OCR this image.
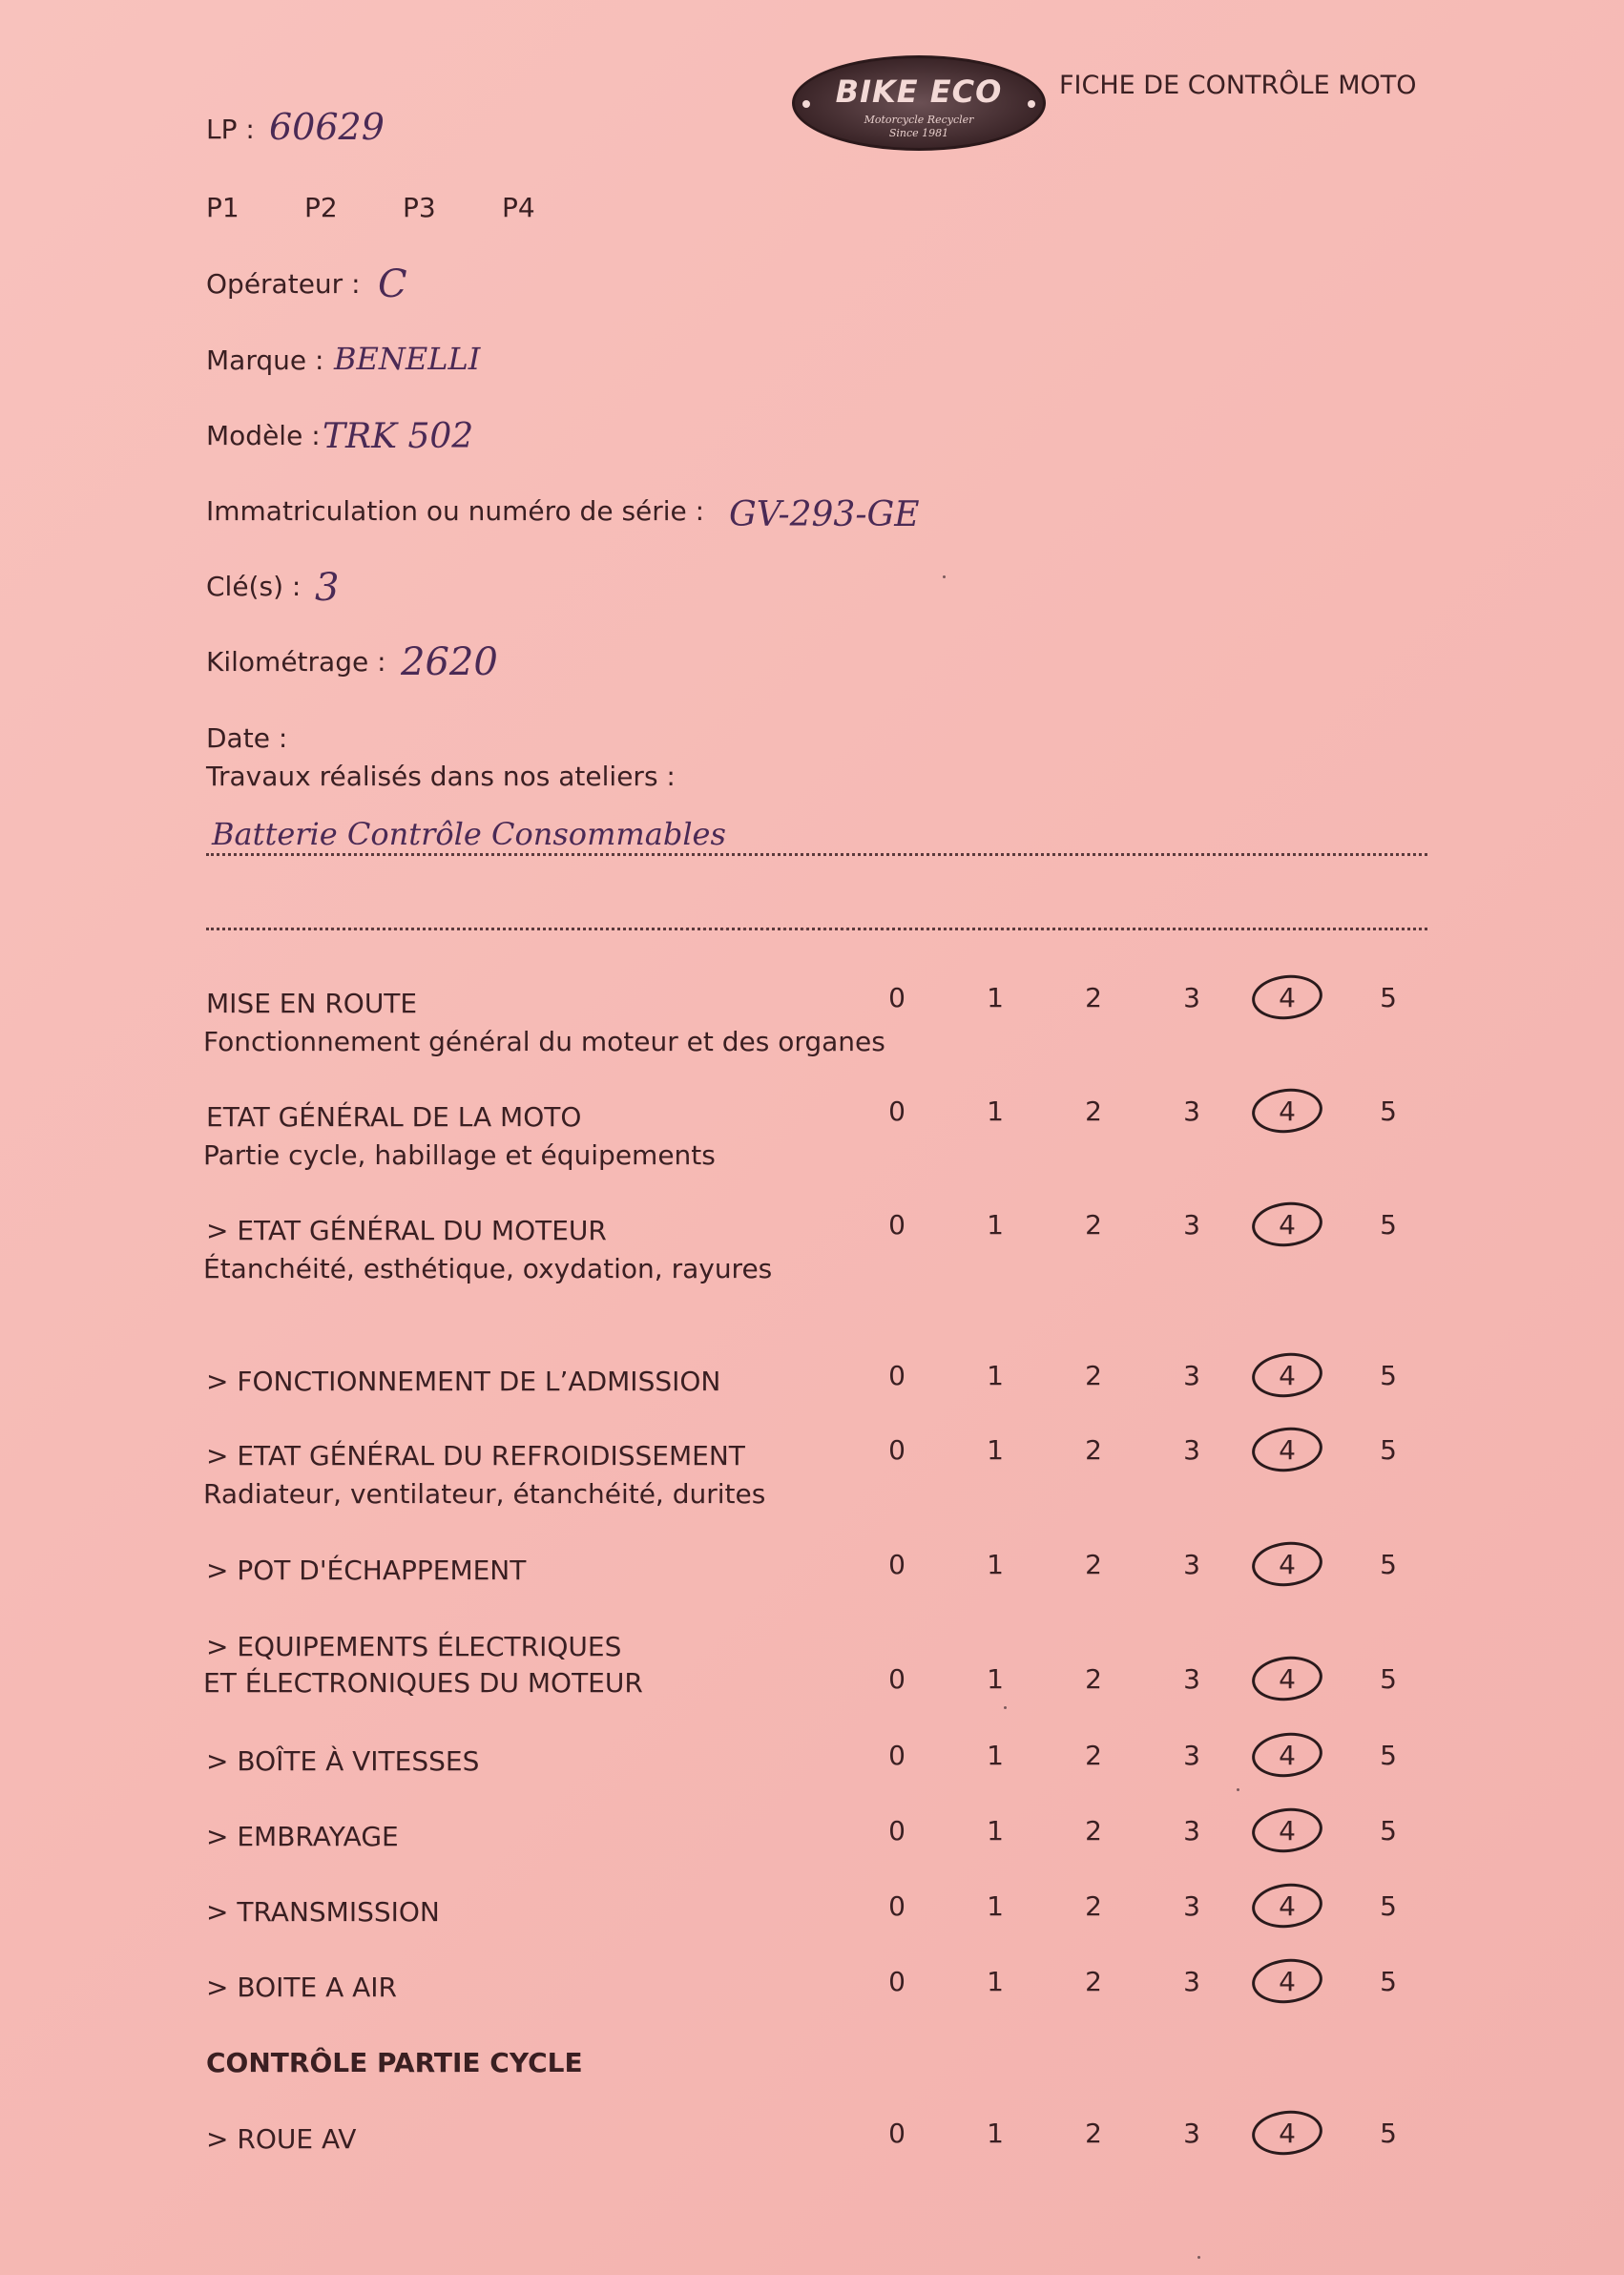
BIKE ECO
Motorcycle Recycler
Since 1981
FICHE DE CONTRÔLE MOTO
LP : 60629
P1 P2 P3 P4
Opérateur : C
Marque : BENELLI
Modèle : TRK 502
Immatriculation ou numéro de série : GV-293-GE
Clé(s) : 3
Kilométrage : 2620
Date :
Travaux réalisés dans nos ateliers :
Batterie Contrôle Consommables
MISE EN ROUTE
Fonctionnement général du moteur et des organes
0	1	2	3	4	5
ETAT GÉNÉRAL DE LA MOTO
Partie cycle, habillage et équipements
0	1	2	3	4	5
> ETAT GÉNÉRAL DU MOTEUR
Étanchéité, esthétique, oxydation, rayures
0	1	2	3	4	5
> FONCTIONNEMENT DE L’ADMISSION	0	1	2	3	4	5
> ETAT GÉNÉRAL DU REFROIDISSEMENT
Radiateur, ventilateur, étanchéité, durites
0	1	2	3	4	5
> POT D'ÉCHAPPEMENT	0	1	2	3	4	5
> EQUIPEMENTS ÉLECTRIQUES
ET ÉLECTRONIQUES DU MOTEUR	0	1	2	3	4	5
> BOÎTE À VITESSES	0	1	2	3	4	5
> EMBRAYAGE	0	1	2	3	4	5
> TRANSMISSION	0	1	2	3	4	5
> BOITE A AIR	0	1	2	3	4	5
> ROUE AV	0	1	2	3	4	5
CONTRÔLE PARTIE CYCLE
